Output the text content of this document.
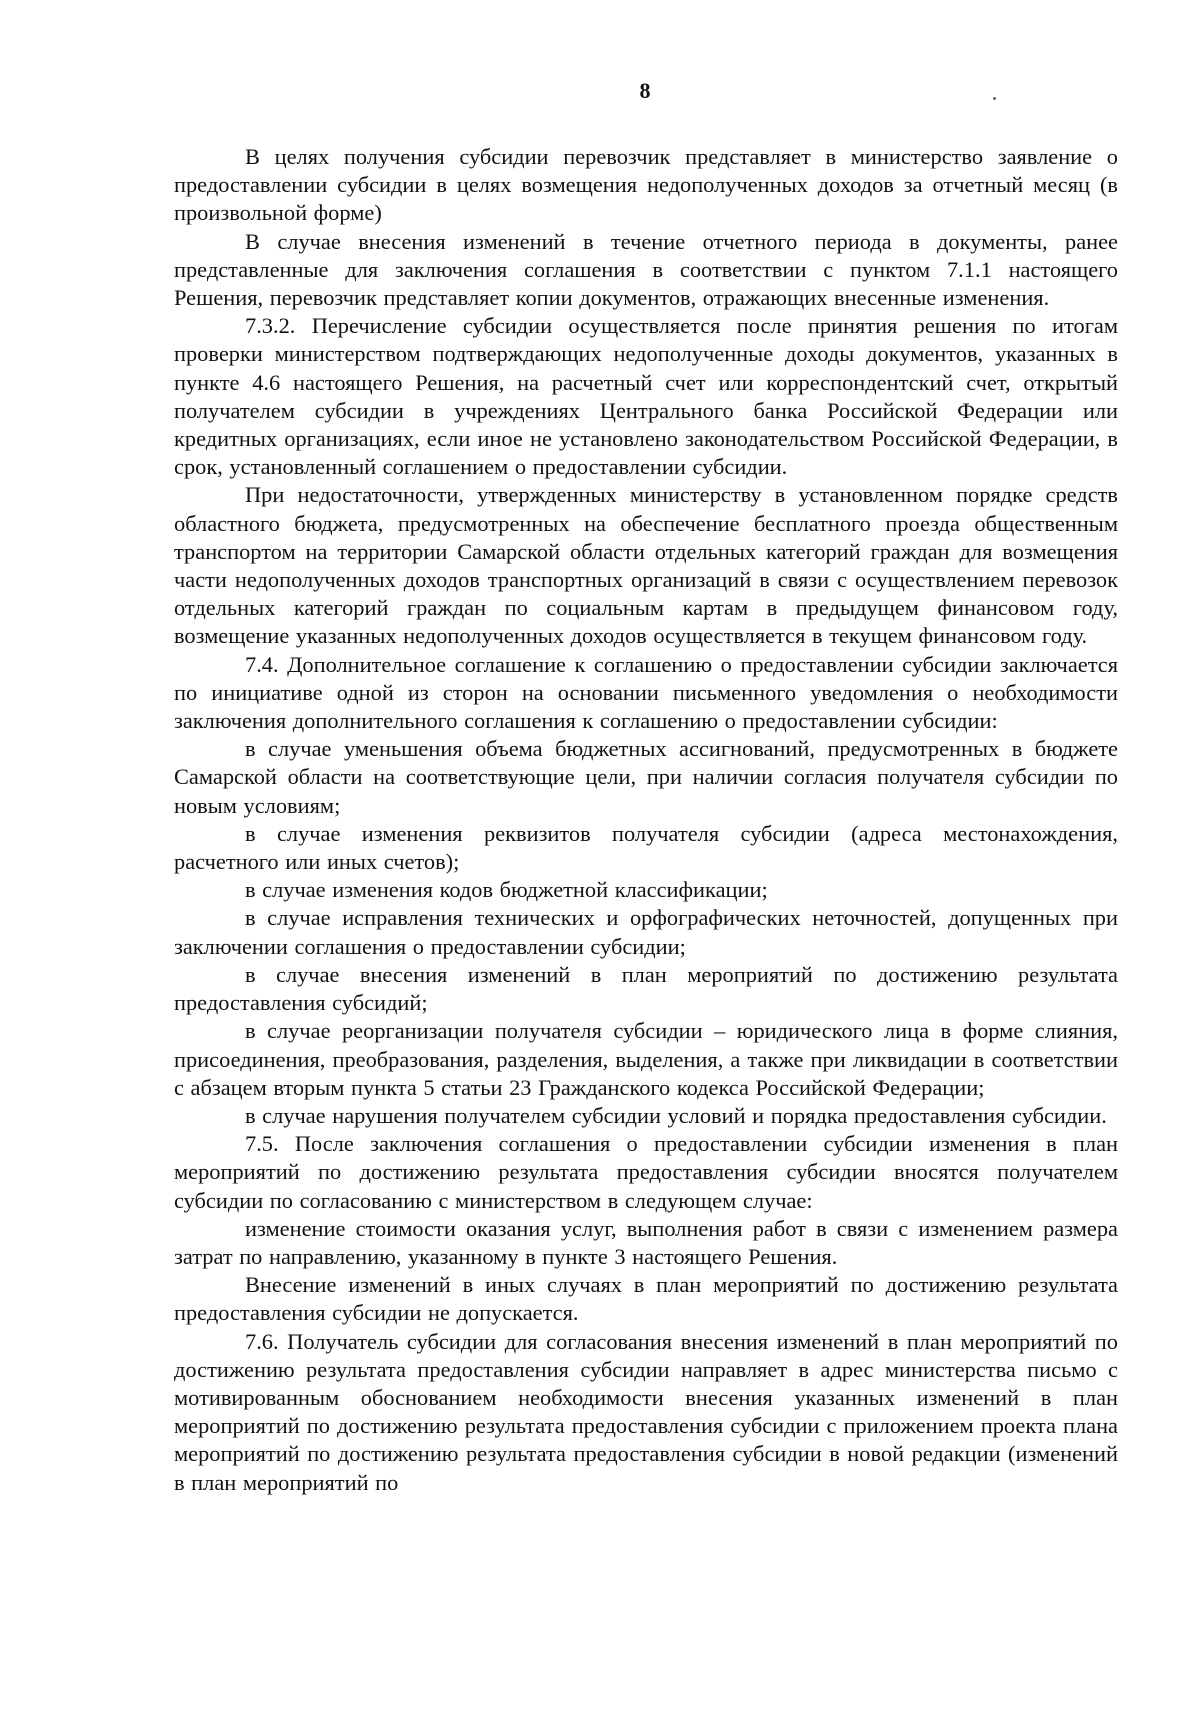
8

В целях получения субсидии перевозчик представляет в министерство заявление о предоставлении субсидии в целях возмещения недополученных доходов за отчетный месяц (в произвольной форме)

В случае внесения изменений в течение отчетного периода в документы, ранее представленные для заключения соглашения в соответствии с пунктом 7.1.1 настоящего Решения, перевозчик представляет копии документов, отражающих внесенные изменения.

7.3.2. Перечисление субсидии осуществляется после принятия решения по итогам проверки министерством подтверждающих недополученные доходы документов, указанных в пункте 4.6 настоящего Решения, на расчетный счет или корреспондентский счет, открытый получателем субсидии в учреждениях Центрального банка Российской Федерации или кредитных организациях, если иное не установлено законодательством Российской Федерации, в срок, установленный соглашением о предоставлении субсидии.

При недостаточности, утвержденных министерству в установленном порядке средств областного бюджета, предусмотренных на обеспечение бесплатного проезда общественным транспортом на территории Самарской области отдельных категорий граждан для возмещения части недополученных доходов транспортных организаций в связи с осуществлением перевозок отдельных категорий граждан по социальным картам в предыдущем финансовом году, возмещение указанных недополученных доходов осуществляется в текущем финансовом году.

7.4. Дополнительное соглашение к соглашению о предоставлении субсидии заключается по инициативе одной из сторон на основании письменного уведомления о необходимости заключения дополнительного соглашения к соглашению о предоставлении субсидии:

в случае уменьшения объема бюджетных ассигнований, предусмотренных в бюджете Самарской области на соответствующие цели, при наличии согласия получателя субсидии по новым условиям;

в случае изменения реквизитов получателя субсидии (адреса местонахождения, расчетного или иных счетов);

в случае изменения кодов бюджетной классификации;

в случае исправления технических и орфографических неточностей, допущенных при заключении соглашения о предоставлении субсидии;

в случае внесения изменений в план мероприятий по достижению результата предоставления субсидий;

в случае реорганизации получателя субсидии – юридического лица в форме слияния, присоединения, преобразования, разделения, выделения, а также при ликвидации в соответствии с абзацем вторым пункта 5 статьи 23 Гражданского кодекса Российской Федерации;

в случае нарушения получателем субсидии условий и порядка предоставления субсидии.

7.5. После заключения соглашения о предоставлении субсидии изменения в план мероприятий по достижению результата предоставления субсидии вносятся получателем субсидии по согласованию с министерством в следующем случае:

изменение стоимости оказания услуг, выполнения работ в связи с изменением размера затрат по направлению, указанному в пункте 3 настоящего Решения.

Внесение изменений в иных случаях в план мероприятий по достижению результата предоставления субсидии не допускается.

7.6. Получатель субсидии для согласования внесения изменений в план мероприятий по достижению результата предоставления субсидии направляет в адрес министерства письмо с мотивированным обоснованием необходимости внесения указанных изменений в план мероприятий по достижению результата предоставления субсидии с приложением проекта плана мероприятий по достижению результата предоставления субсидии в новой редакции (изменений в план мероприятий по
